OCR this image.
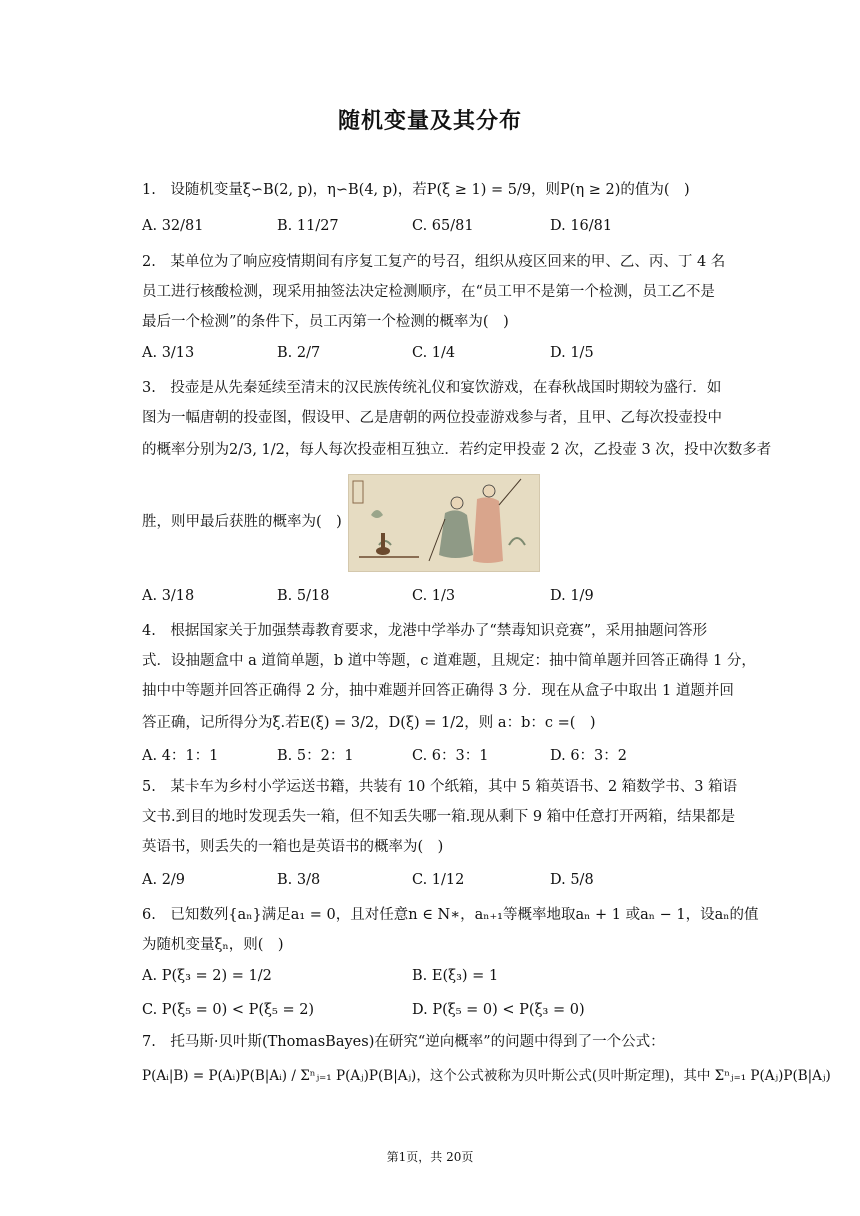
随机变量及其分布
1.　设随机变量ξ∽B(2, p)，η∽B(4, p)，若P(ξ ≥ 1) = 5/9，则P(η ≥ 2)的值为(　)
A. 32/81	B. 11/27	C. 65/81	D. 16/81
2.　某单位为了响应疫情期间有序复工复产的号召，组织从疫区回来的甲、乙、丙、丁 4 名
员工进行核酸检测，现采用抽签法决定检测顺序，在“员工甲不是第一个检测，员工乙不是
最后一个检测”的条件下，员工丙第一个检测的概率为(　)
A. 3/13	B. 2/7	C. 1/4	D. 1/5
3.　投壶是从先秦延续至清末的汉民族传统礼仪和宴饮游戏，在春秋战国时期较为盛行．如
图为一幅唐朝的投壶图，假设甲、乙是唐朝的两位投壶游戏参与者，且甲、乙每次投壶投中
的概率分别为2/3, 1/2，每人每次投壶相互独立．若约定甲投壶 2 次，乙投壶 3 次，投中次数多者
胜，则甲最后获胜的概率为(　)
A. 3/18	B. 5/18	C. 1/3	D. 1/9
4.　根据国家关于加强禁毒教育要求，龙港中学举办了“禁毒知识竞赛”，采用抽题问答形
式．设抽题盒中 a 道简单题，b 道中等题，c 道难题，且规定：抽中简单题并回答正确得 1 分，
抽中中等题并回答正确得 2 分，抽中难题并回答正确得 3 分．现在从盒子中取出 1 道题并回
答正确，记所得分为ξ.若E(ξ) = 3/2，D(ξ) = 1/2，则 a：b：c =(　)
A. 4：1：1	B. 5：2：1	C. 6：3：1	D. 6：3：2
5.　某卡车为乡村小学运送书籍，共装有 10 个纸箱，其中 5 箱英语书、2 箱数学书、3 箱语
文书.到目的地时发现丢失一箱，但不知丢失哪一箱.现从剩下 9 箱中任意打开两箱，结果都是
英语书，则丢失的一箱也是英语书的概率为(　)
A. 2/9	B. 3/8	C. 1/12	D. 5/8
6.　已知数列{aₙ}满足a₁ = 0，且对任意n ∈ N∗，aₙ₊₁等概率地取aₙ + 1 或aₙ − 1，设aₙ的值
为随机变量ξₙ，则(　)
A. P(ξ₃ = 2) = 1/2	B. E(ξ₃) = 1
C. P(ξ₅ = 0) < P(ξ₅ = 2)	D. P(ξ₅ = 0) < P(ξ₃ = 0)
7.　托马斯·贝叶斯(ThomasBayes)在研究“逆向概率”的问题中得到了一个公式：
P(Aᵢ|B) = P(Aᵢ)P(B|Aᵢ) / Σⁿⱼ₌₁ P(Aⱼ)P(B|Aⱼ)，这个公式被称为贝叶斯公式(贝叶斯定理)，其中 Σⁿⱼ₌₁ P(Aⱼ)P(B|Aⱼ)
第1页，共 20页
